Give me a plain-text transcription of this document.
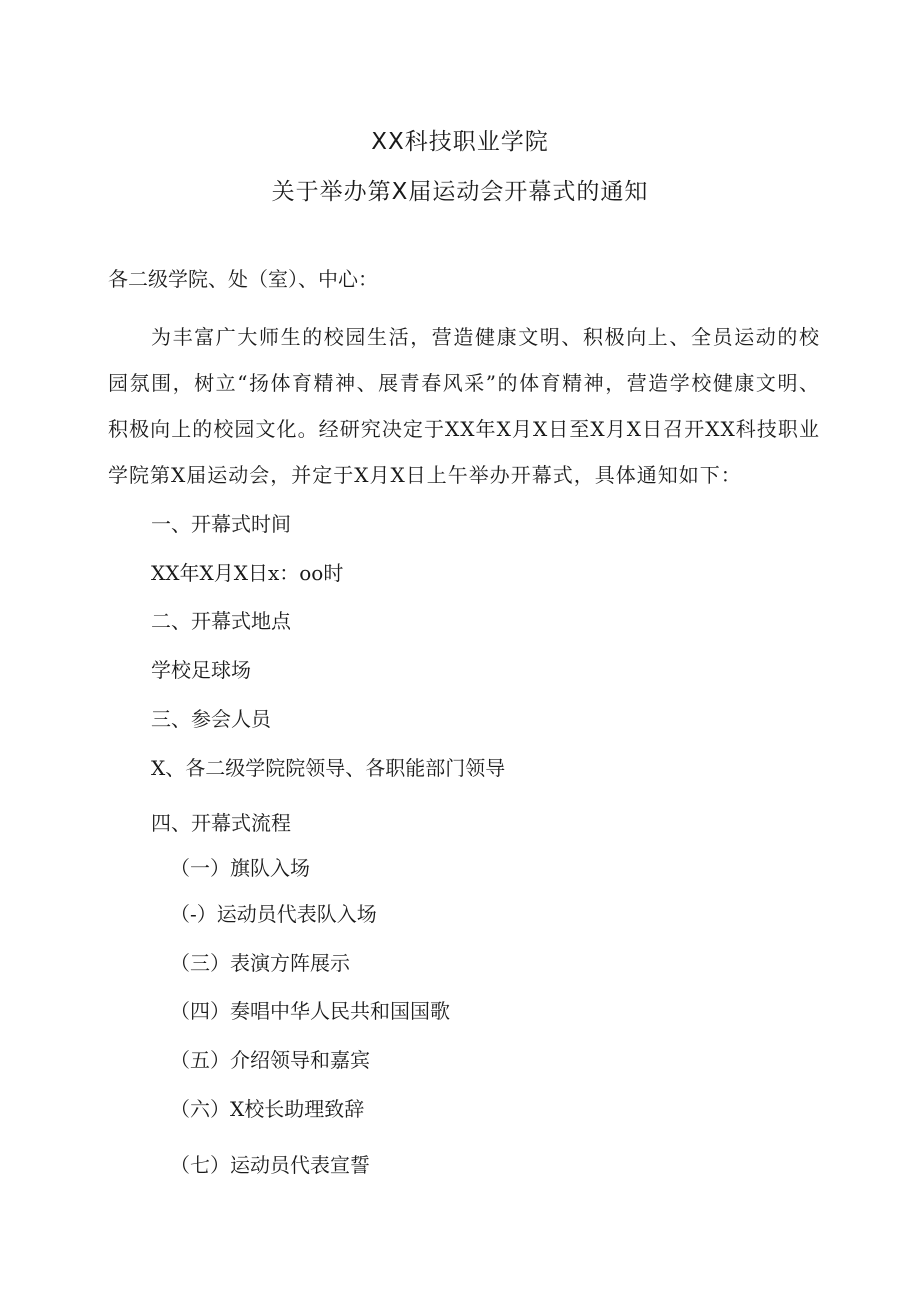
XX科技职业学院
关于举办第X届运动会开幕式的通知
各二级学院、处（室）、中心：
为丰富广大师生的校园生活，营造健康文明、积极向上、全员运动的校园氛围，树立“扬体育精神、展青春风采”的体育精神，营造学校健康文明、积极向上的校园文化。经研究决定于XX年X月X日至X月X日召开XX科技职业学院第X届运动会，并定于X月X日上午举办开幕式，具体通知如下：
一、开幕式时间
XX年X月X日x：oo时
二、开幕式地点
学校足球场
三、参会人员
X、各二级学院院领导、各职能部门领导
四、开幕式流程
（一）旗队入场
（-）运动员代表队入场
（三）表演方阵展示
（四）奏唱中华人民共和国国歌
（五）介绍领导和嘉宾
（六）X校长助理致辞
（七）运动员代表宣誓
